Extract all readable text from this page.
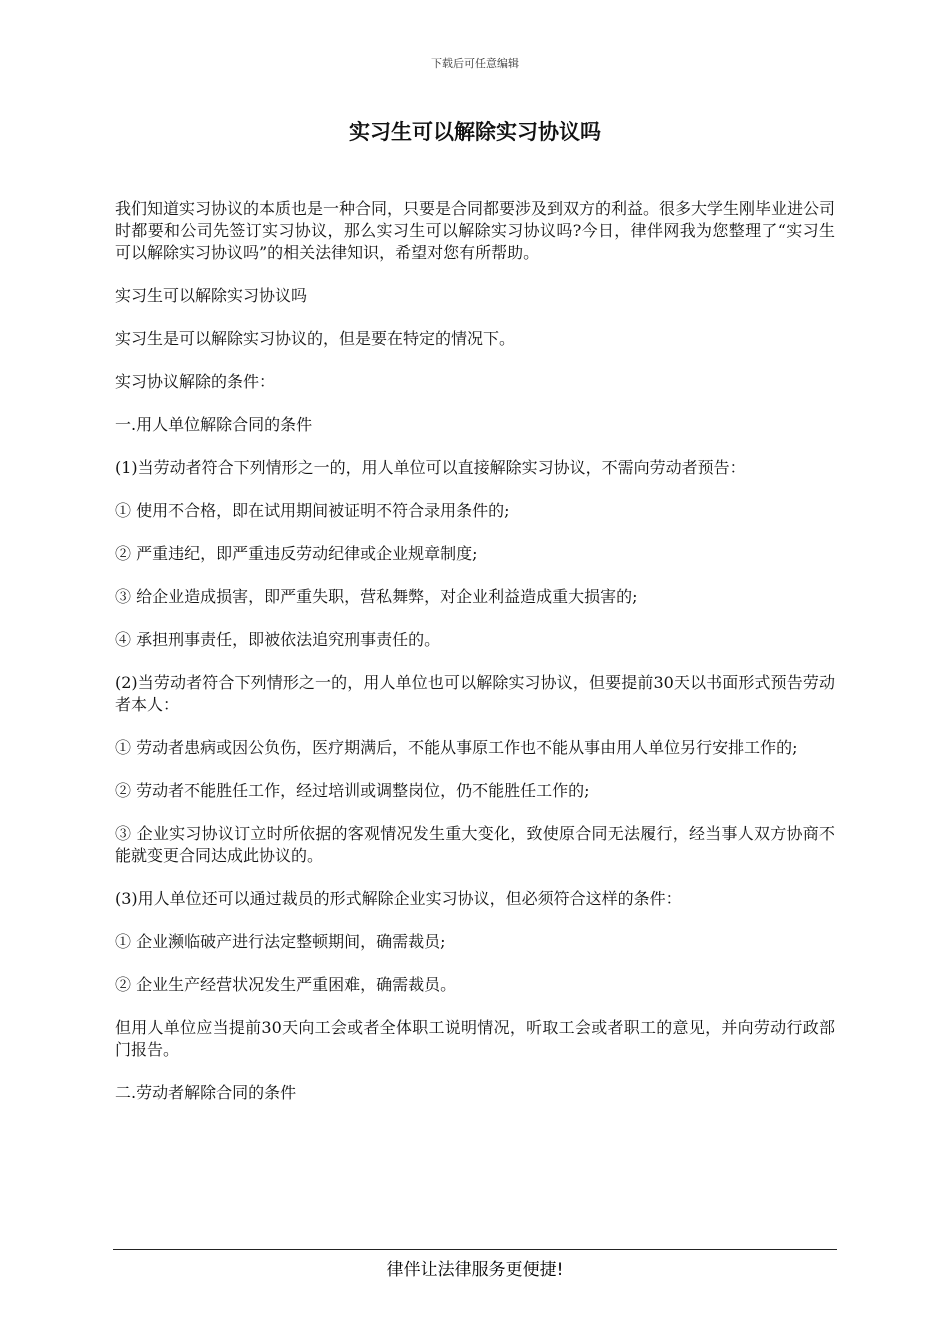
下载后可任意编辑
实习生可以解除实习协议吗

我们知道实习协议的本质也是一种合同，只要是合同都要涉及到双方的利益。很多大学生刚毕业进公司时都要和公司先签订实习协议，那么实习生可以解除实习协议吗?今日，律伴网我为您整理了“实习生可以解除实习协议吗”的相关法律知识，希望对您有所帮助。

实习生可以解除实习协议吗

实习生是可以解除实习协议的，但是要在特定的情况下。

实习协议解除的条件：

一.用人单位解除合同的条件

(1)当劳动者符合下列情形之一的，用人单位可以直接解除实习协议，不需向劳动者预告：

① 使用不合格，即在试用期间被证明不符合录用条件的;

② 严重违纪，即严重违反劳动纪律或企业规章制度;

③ 给企业造成损害，即严重失职，营私舞弊，对企业利益造成重大损害的;

④ 承担刑事责任，即被依法追究刑事责任的。

(2)当劳动者符合下列情形之一的，用人单位也可以解除实习协议，但要提前30天以书面形式预告劳动者本人：

① 劳动者患病或因公负伤，医疗期满后，不能从事原工作也不能从事由用人单位另行安排工作的;

② 劳动者不能胜任工作，经过培训或调整岗位，仍不能胜任工作的;

③ 企业实习协议订立时所依据的客观情况发生重大变化，致使原合同无法履行，经当事人双方协商不能就变更合同达成此协议的。

(3)用人单位还可以通过裁员的形式解除企业实习协议，但必须符合这样的条件：

① 企业濒临破产进行法定整顿期间，确需裁员;

② 企业生产经营状况发生严重困难，确需裁员。

但用人单位应当提前30天向工会或者全体职工说明情况，听取工会或者职工的意见，并向劳动行政部门报告。

二.劳动者解除合同的条件

律伴让法律服务更便捷!
